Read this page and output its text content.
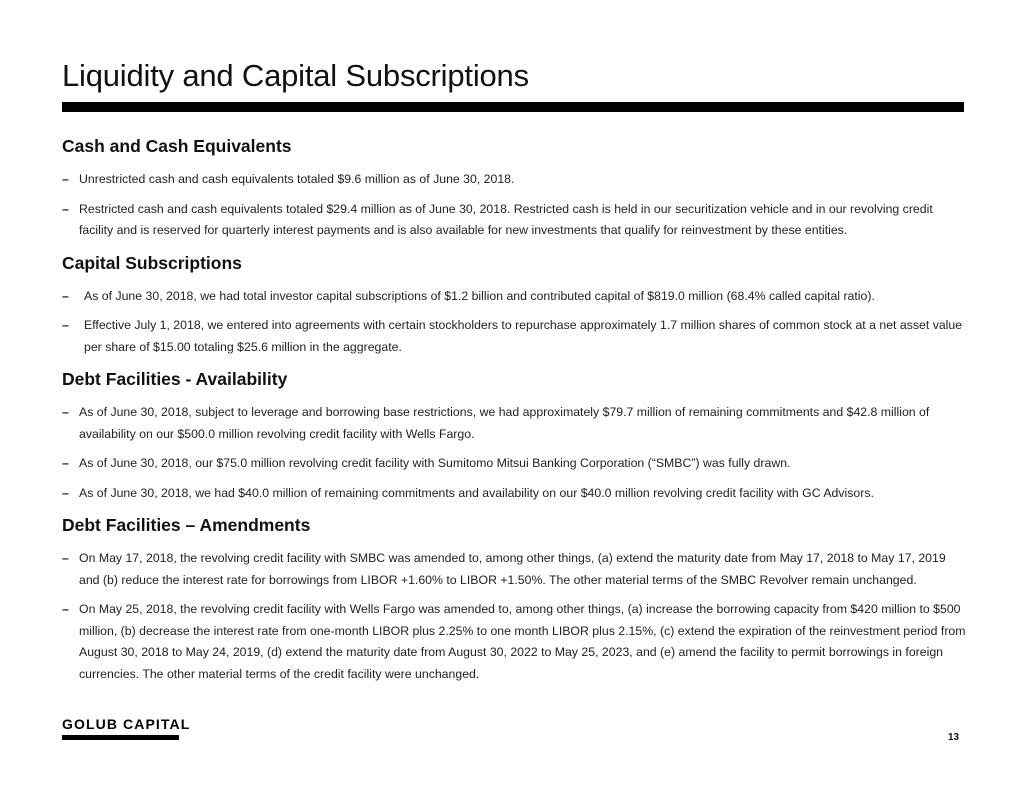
Liquidity and Capital Subscriptions
Cash and Cash Equivalents
– Unrestricted cash and cash equivalents totaled $9.6 million as of June 30, 2018.
– Restricted cash and cash equivalents totaled $29.4 million as of June 30, 2018. Restricted cash is held in our securitization vehicle and in our revolving credit facility and is reserved for quarterly interest payments and is also available for new investments that qualify for reinvestment by these entities.
Capital Subscriptions
– As of June 30, 2018, we had total investor capital subscriptions of $1.2 billion and contributed capital of $819.0 million (68.4% called capital ratio).
– Effective July 1, 2018, we entered into agreements with certain stockholders to repurchase approximately 1.7 million shares of common stock at a net asset value per share of $15.00 totaling $25.6 million in the aggregate.
Debt Facilities - Availability
– As of June 30, 2018, subject to leverage and borrowing base restrictions, we had approximately $79.7 million of remaining commitments and $42.8 million of availability on our $500.0 million revolving credit facility with Wells Fargo.
– As of June 30, 2018, our $75.0 million revolving credit facility with Sumitomo Mitsui Banking Corporation (“SMBC”) was fully drawn.
– As of June 30, 2018, we had $40.0 million of remaining commitments and availability on our $40.0 million revolving credit facility with GC Advisors.
Debt Facilities – Amendments
– On May 17, 2018, the revolving credit facility with SMBC was amended to, among other things, (a) extend the maturity date from May 17, 2018 to May 17, 2019 and (b) reduce the interest rate for borrowings from LIBOR +1.60% to LIBOR +1.50%. The other material terms of the SMBC Revolver remain unchanged.
– On May 25, 2018, the revolving credit facility with Wells Fargo was amended to, among other things, (a) increase the borrowing capacity from $420 million to $500 million, (b) decrease the interest rate from one-month LIBOR plus 2.25% to one month LIBOR plus 2.15%, (c) extend the expiration of the reinvestment period from August 30, 2018 to May 24, 2019, (d) extend the maturity date from August 30, 2022 to May 25, 2023, and (e) amend the facility to permit borrowings in foreign currencies. The other material terms of the credit facility were unchanged.
GOLUB CAPITAL
13
